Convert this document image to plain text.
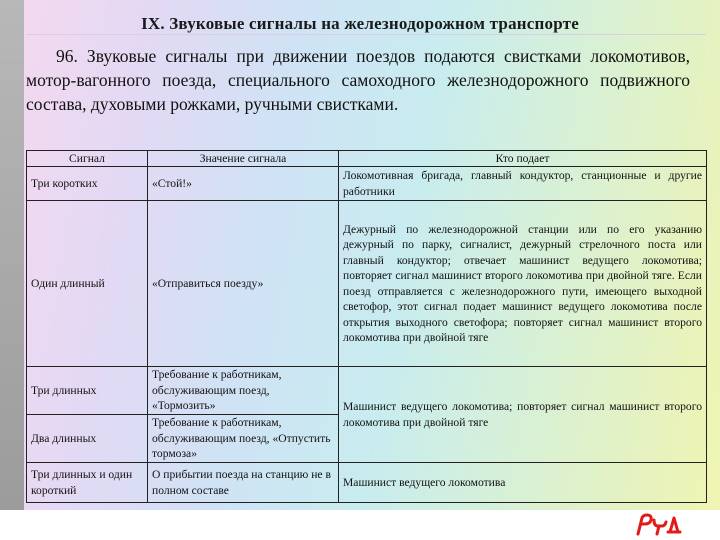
IX. Звуковые сигналы на железнодорожном транспорте
96. Звуковые сигналы при движении поездов подаются свистками локомотивов, мотор-вагонного поезда, специального самоходного железнодорожного подвижного состава, духовыми рожками, ручными свистками.
Сигнал	Значение сигнала	Кто подает
Три коротких	«Стой!»	Локомотивная бригада, главный кондуктор, станционные и другие работники
Один длинный	«Отправиться поезду»	Дежурный по железнодорожной станции или по его указанию дежурный по парку, сигналист, дежурный стрелочного поста или главный кондуктор; отвечает машинист ведущего локомотива; повторяет сигнал машинист второго локомотива при двойной тяге. Если поезд отправляется с железнодорожного пути, имеющего выходной светофор, этот сигнал подает машинист ведущего локомотива после открытия выходного светофора; повторяет сигнал машинист второго локомотива при двойной тяге
Три длинных	Требование к работникам, обслуживающим поезд, «Тормозить»	Машинист ведущего локомотива; повторяет сигнал машинист второго локомотива при двойной тяге
Два длинных	Требование к работникам, обслуживающим поезд, «Отпустить тормоза»	
Три длинных и один короткий	О прибытии поезда на станцию не в полном составе	Машинист ведущего локомотива
